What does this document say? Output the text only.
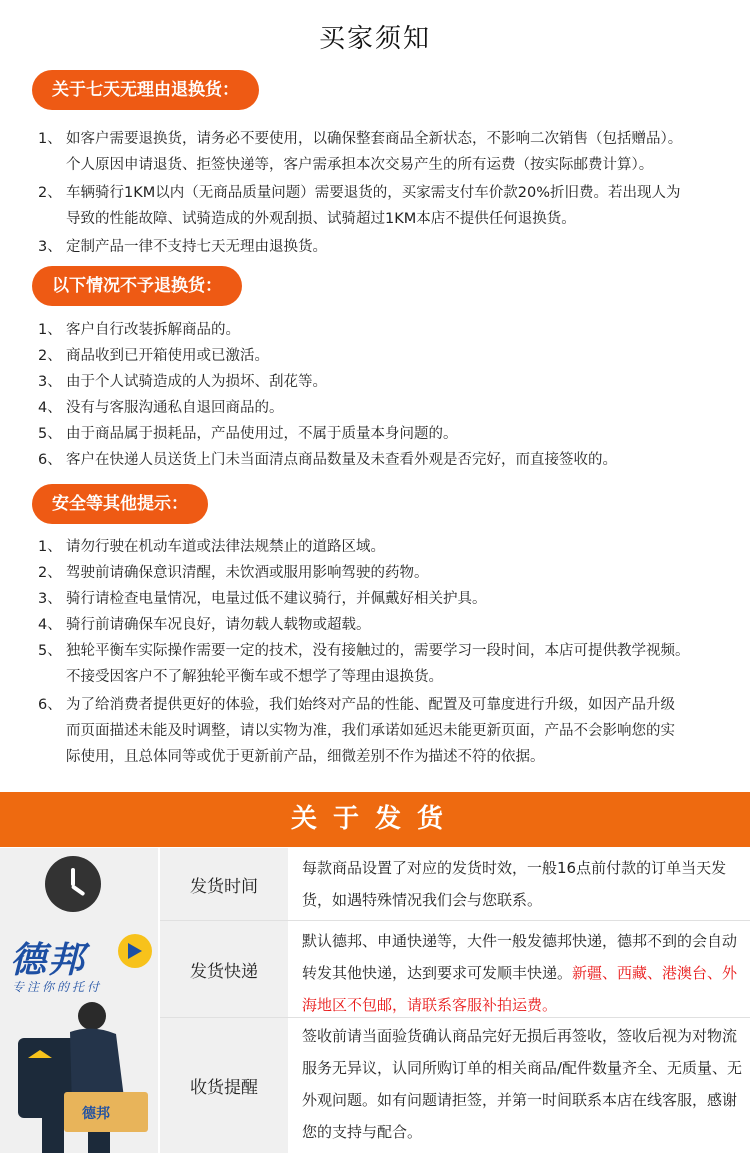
买家须知
关于七天无理由退换货：
1、 如客户需要退换货，请务必不要使用，以确保整套商品全新状态，不影响二次销售（包括赠品）。
个人原因申请退货、拒签快递等，客户需承担本次交易产生的所有运费（按实际邮费计算）。
2、 车辆骑行1KM以内（无商品质量问题）需要退货的，买家需支付车价款20%折旧费。若出现人为
导致的性能故障、试骑造成的外观刮损、试骑超过1KM本店不提供任何退换货。
3、 定制产品一律不支持七天无理由退换货。
以下情况不予退换货：
1、 客户自行改装拆解商品的。
2、 商品收到已开箱使用或已激活。
3、 由于个人试骑造成的人为损坏、刮花等。
4、 没有与客服沟通私自退回商品的。
5、 由于商品属于损耗品，产品使用过，不属于质量本身问题的。
6、 客户在快递人员送货上门未当面清点商品数量及未查看外观是否完好，而直接签收的。
安全等其他提示：
1、 请勿行驶在机动车道或法律法规禁止的道路区域。
2、 驾驶前请确保意识清醒，未饮酒或服用影响驾驶的药物。
3、 骑行请检查电量情况，电量过低不建议骑行，并佩戴好相关护具。
4、 骑行前请确保车况良好，请勿载人载物或超载。
5、 独轮平衡车实际操作需要一定的技术，没有接触过的，需要学习一段时间，本店可提供教学视频。
不接受因客户不了解独轮平衡车或不想学了等理由退换货。
6、 为了给消费者提供更好的体验，我们始终对产品的性能、配置及可靠度进行升级，如因产品升级
而页面描述未能及时调整，请以实物为准，我们承诺如延迟未能更新页面，产品不会影响您的实
际使用，且总体同等或优于更新前产品，细微差别不作为描述不符的依据。
关于发货
德邦
专注你的托付
德邦
发货时间
每款商品设置了对应的发货时效，一般16点前付款的订单当天发货，如遇特殊情况我们会与您联系。
发货快递
默认德邦、申通快递等，大件一般发德邦快递，德邦不到的会自动转发其他快递，达到要求可发顺丰快递。新疆、西藏、港澳台、外海地区不包邮，请联系客服补拍运费。
收货提醒
签收前请当面验货确认商品完好无损后再签收，签收后视为对物流服务无异议，认同所购订单的相关商品/配件数量齐全、无质量、无外观问题。如有问题请拒签，并第一时间联系本店在线客服，感谢您的支持与配合。
